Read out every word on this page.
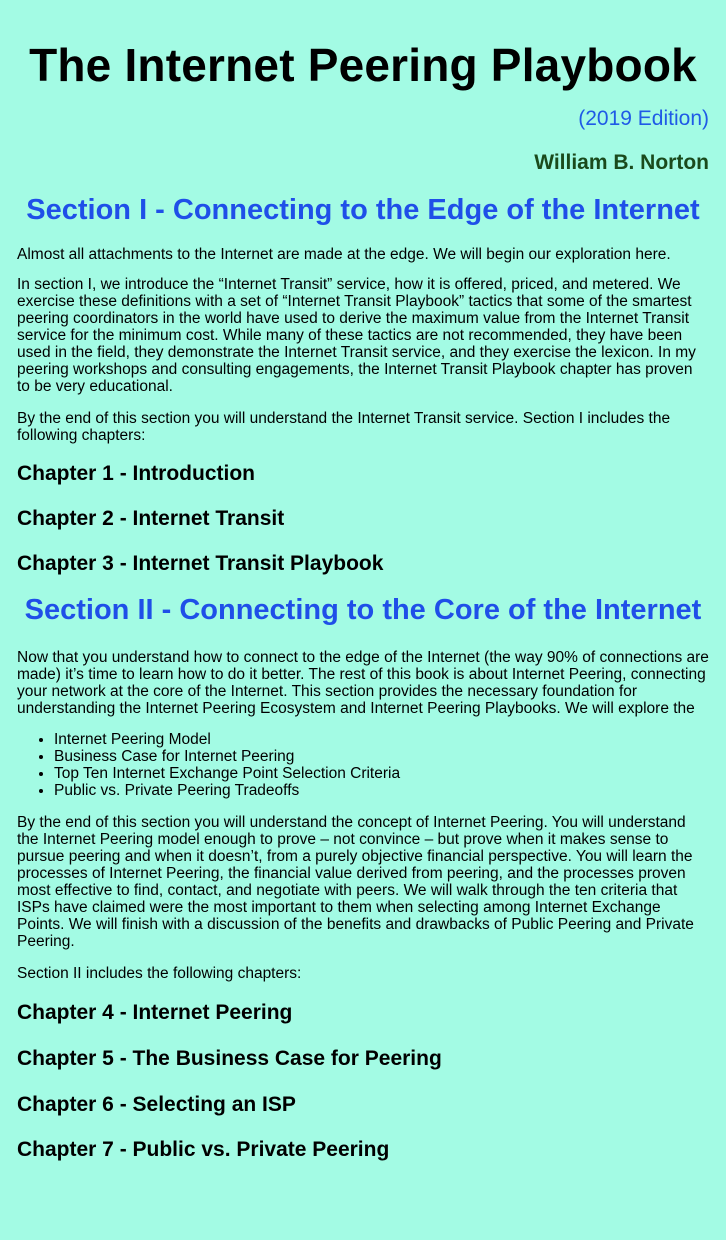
The Internet Peering Playbook
(2019 Edition)
William B. Norton
Section I - Connecting to the Edge of the Internet

Almost all attachments to the Internet are made at the edge. We will begin our exploration here.

In section I, we introduce the “Internet Transit” service, how it is offered, priced, and metered. We exercise these definitions with a set of “Internet Transit Playbook” tactics that some of the smartest peering coordinators in the world have used to derive the maximum value from the Internet Transit service for the minimum cost. While many of these tactics are not recommended, they have been used in the field, they demonstrate the Internet Transit service, and they exercise the lexicon. In my peering workshops and consulting engagements, the Internet Transit Playbook chapter has proven to be very educational.

By the end of this section you will understand the Internet Transit service. Section I includes the following chapters:

Chapter 1 - Introduction
Chapter 2 - Internet Transit
Chapter 3 - Internet Transit Playbook
Section II - Connecting to the Core of the Internet

Now that you understand how to connect to the edge of the Internet (the way 90% of connections are made) it’s time to learn how to do it better. The rest of this book is about Internet Peering, connecting your network at the core of the Internet. This section provides the necessary foundation for understanding the Internet Peering Ecosystem and Internet Peering Playbooks. We will explore the

• Internet Peering Model
• Business Case for Internet Peering
• Top Ten Internet Exchange Point Selection Criteria
• Public vs. Private Peering Tradeoffs

By the end of this section you will understand the concept of Internet Peering. You will understand the Internet Peering model enough to prove – not convince – but prove when it makes sense to pursue peering and when it doesn’t, from a purely objective financial perspective. You will learn the processes of Internet Peering, the financial value derived from peering, and the processes proven most effective to find, contact, and negotiate with peers. We will walk through the ten criteria that ISPs have claimed were the most important to them when selecting among Internet Exchange Points. We will finish with a discussion of the benefits and drawbacks of Public Peering and Private Peering.

Section II includes the following chapters:

Chapter 4 - Internet Peering
Chapter 5 - The Business Case for Peering
Chapter 6 - Selecting an ISP
Chapter 7 - Public vs. Private Peering
